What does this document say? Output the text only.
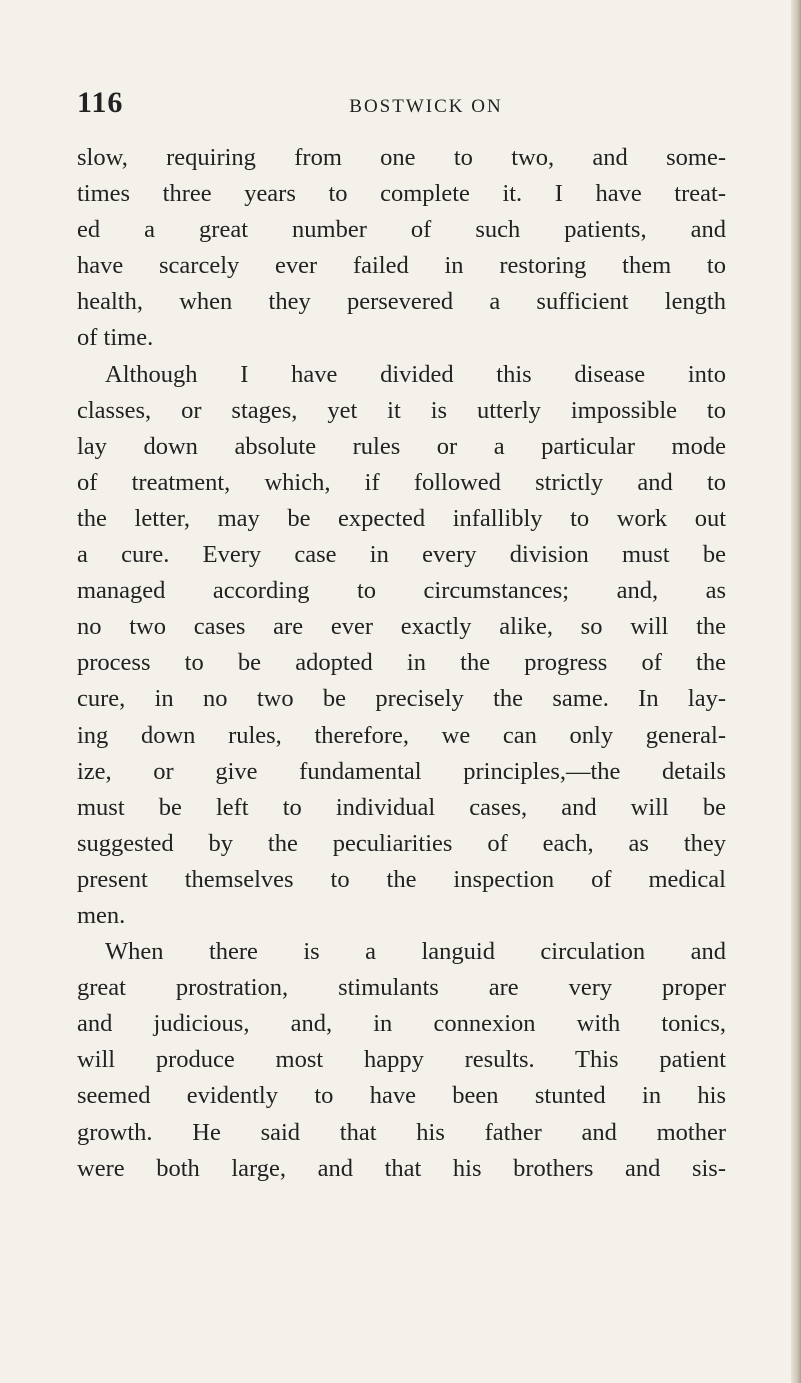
116	BOSTWICK ON
slow, requiring from one to two, and some-
times three years to complete it. I have treat-
ed a great number of such patients, and
have scarcely ever failed in restoring them to
health, when they persevered a sufficient length
of time.
Although I have divided this disease into
classes, or stages, yet it is utterly impossible to
lay down absolute rules or a particular mode
of treatment, which, if followed strictly and to
the letter, may be expected infallibly to work out
a cure. Every case in every division must be
managed according to circumstances; and, as
no two cases are ever exactly alike, so will the
process to be adopted in the progress of the
cure, in no two be precisely the same. In lay-
ing down rules, therefore, we can only general-
ize, or give fundamental principles,—the details
must be left to individual cases, and will be
suggested by the peculiarities of each, as they
present themselves to the inspection of medical
men.
When there is a languid circulation and
great prostration, stimulants are very proper
and judicious, and, in connexion with tonics,
will produce most happy results. This patient
seemed evidently to have been stunted in his
growth. He said that his father and mother
were both large, and that his brothers and sis-
